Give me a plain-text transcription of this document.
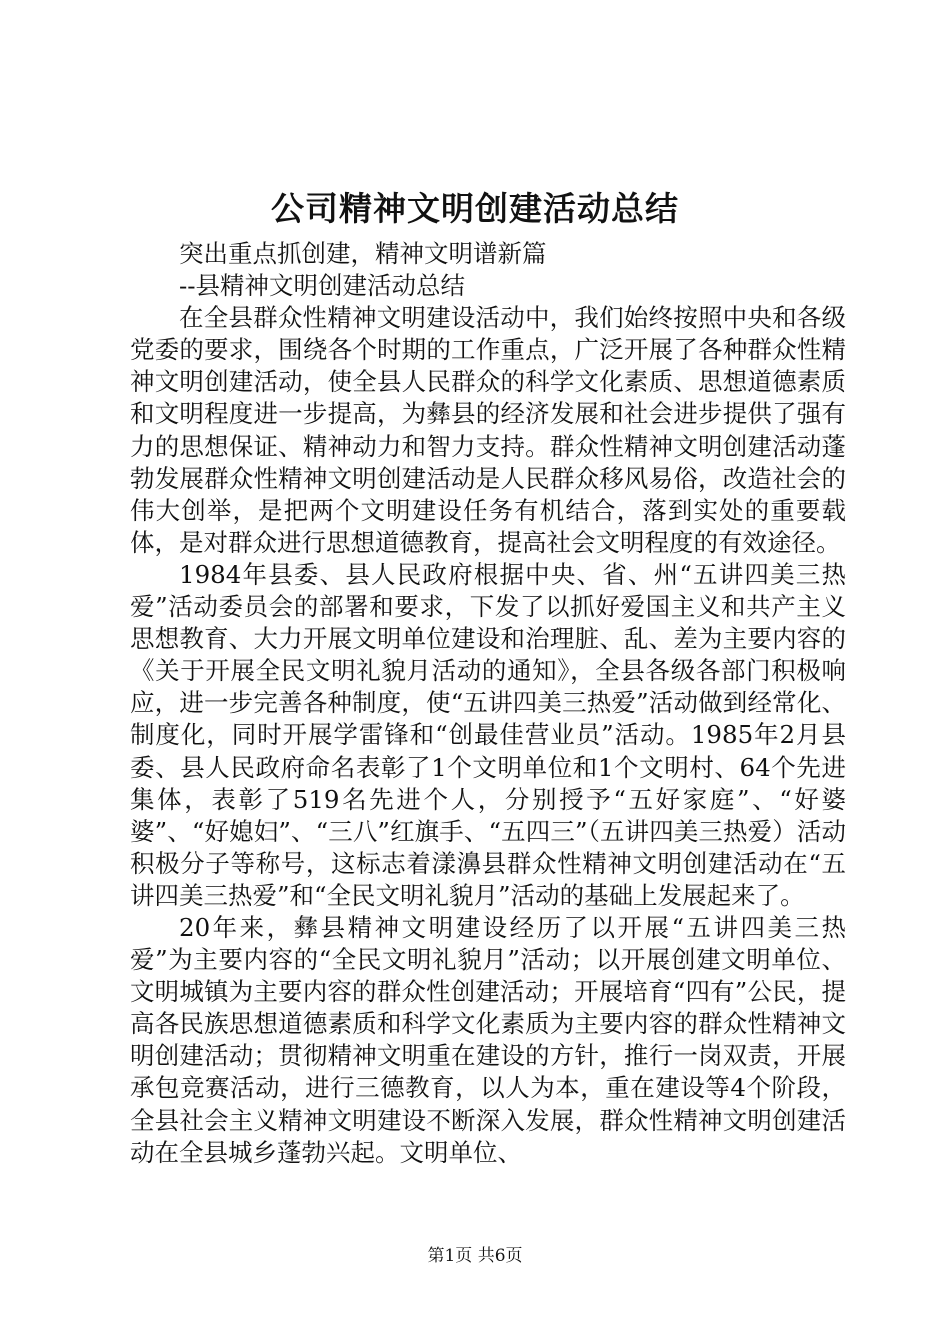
公司精神文明创建活动总结

突出重点抓创建，精神文明谱新篇

--县精神文明创建活动总结

在全县群众性精神文明建设活动中，我们始终按照中央和各级党委的要求，围绕各个时期的工作重点，广泛开展了各种群众性精神文明创建活动，使全县人民群众的科学文化素质、思想道德素质和文明程度进一步提高，为彝县的经济发展和社会进步提供了强有力的思想保证、精神动力和智力支持。群众性精神文明创建活动蓬勃发展群众性精神文明创建活动是人民群众移风易俗，改造社会的伟大创举，是把两个文明建设任务有机结合，落到实处的重要载体，是对群众进行思想道德教育，提高社会文明程度的有效途径。

1984年县委、县人民政府根据中央、省、州“五讲四美三热爱”活动委员会的部署和要求，下发了以抓好爱国主义和共产主义思想教育、大力开展文明单位建设和治理脏、乱、差为主要内容的《关于开展全民文明礼貌月活动的通知》，全县各级各部门积极响应，进一步完善各种制度，使“五讲四美三热爱”活动做到经常化、制度化，同时开展学雷锋和“创最佳营业员”活动。1985年2月县委、县人民政府命名表彰了1个文明单位和1个文明村、64个先进集体，表彰了519名先进个人，分别授予“五好家庭”、“好婆婆”、“好媳妇”、“三八”红旗手、“五四三”（五讲四美三热爱）活动积极分子等称号，这标志着漾濞县群众性精神文明创建活动在“五讲四美三热爱”和“全民文明礼貌月”活动的基础上发展起来了。

20年来，彝县精神文明建设经历了以开展“五讲四美三热爱”为主要内容的“全民文明礼貌月”活动；以开展创建文明单位、文明城镇为主要内容的群众性创建活动；开展培育“四有”公民，提高各民族思想道德素质和科学文化素质为主要内容的群众性精神文明创建活动；贯彻精神文明重在建设的方针，推行一岗双责，开展承包竞赛活动，进行三德教育，以人为本，重在建设等4个阶段，全县社会主义精神文明建设不断深入发展，群众性精神文明创建活动在全县城乡蓬勃兴起。文明单位、

第1页 共6页
